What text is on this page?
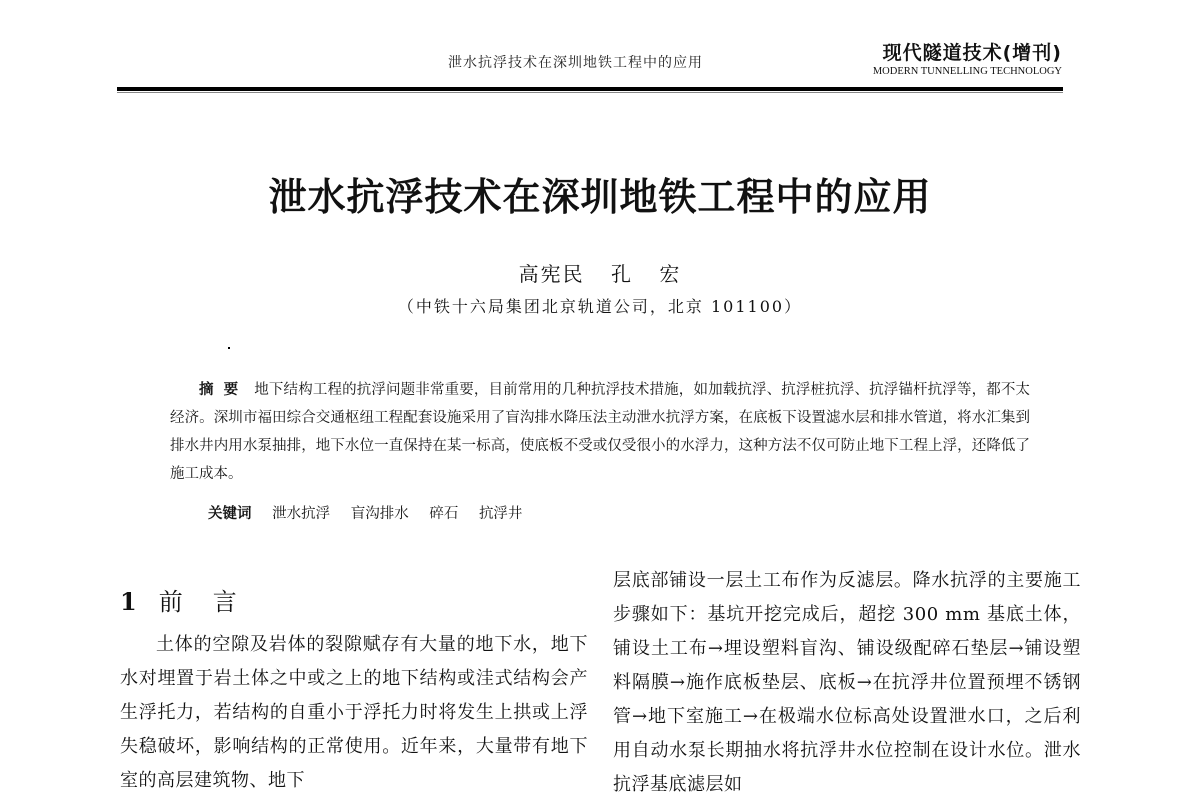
泄水抗浮技术在深圳地铁工程中的应用	现代隧道技术(增刊)
MODERN TUNNELLING TECHNOLOGY
泄水抗浮技术在深圳地铁工程中的应用
高宪民 孔 宏
（中铁十六局集团北京轨道公司，北京 101100）
摘要 地下结构工程的抗浮问题非常重要，目前常用的几种抗浮技术措施，如加载抗浮、抗浮桩抗浮、抗浮锚杆抗浮等，都不太经济。深圳市福田综合交通枢纽工程配套设施采用了盲沟排水降压法主动泄水抗浮方案，在底板下设置滤水层和排水管道，将水汇集到排水井内用水泵抽排，地下水位一直保持在某一标高，使底板不受或仅受很小的水浮力，这种方法不仅可防止地下工程上浮，还降低了施工成本。
关键词 泄水抗浮 盲沟排水 碎石 抗浮井
1 前 言

土体的空隙及岩体的裂隙赋存有大量的地下水，地下水对埋置于岩土体之中或之上的地下结构或洼式结构会产生浮托力，若结构的自重小于浮托力时将发生上拱或上浮失稳破坏，影响结构的正常使用。近年来，大量带有地下室的高层建筑物、地下

层底部铺设一层土工布作为反滤层。降水抗浮的主要施工步骤如下：基坑开挖完成后，超挖 300 mm 基底土体，铺设土工布→埋设塑料盲沟、铺设级配碎石垫层→铺设塑料隔膜→施作底板垫层、底板→在抗浮井位置预埋不锈钢管→地下室施工→在极端水位标高处设置泄水口，之后利用自动水泵长期抽水将抗浮井水位控制在设计水位。泄水抗浮基底滤层如
